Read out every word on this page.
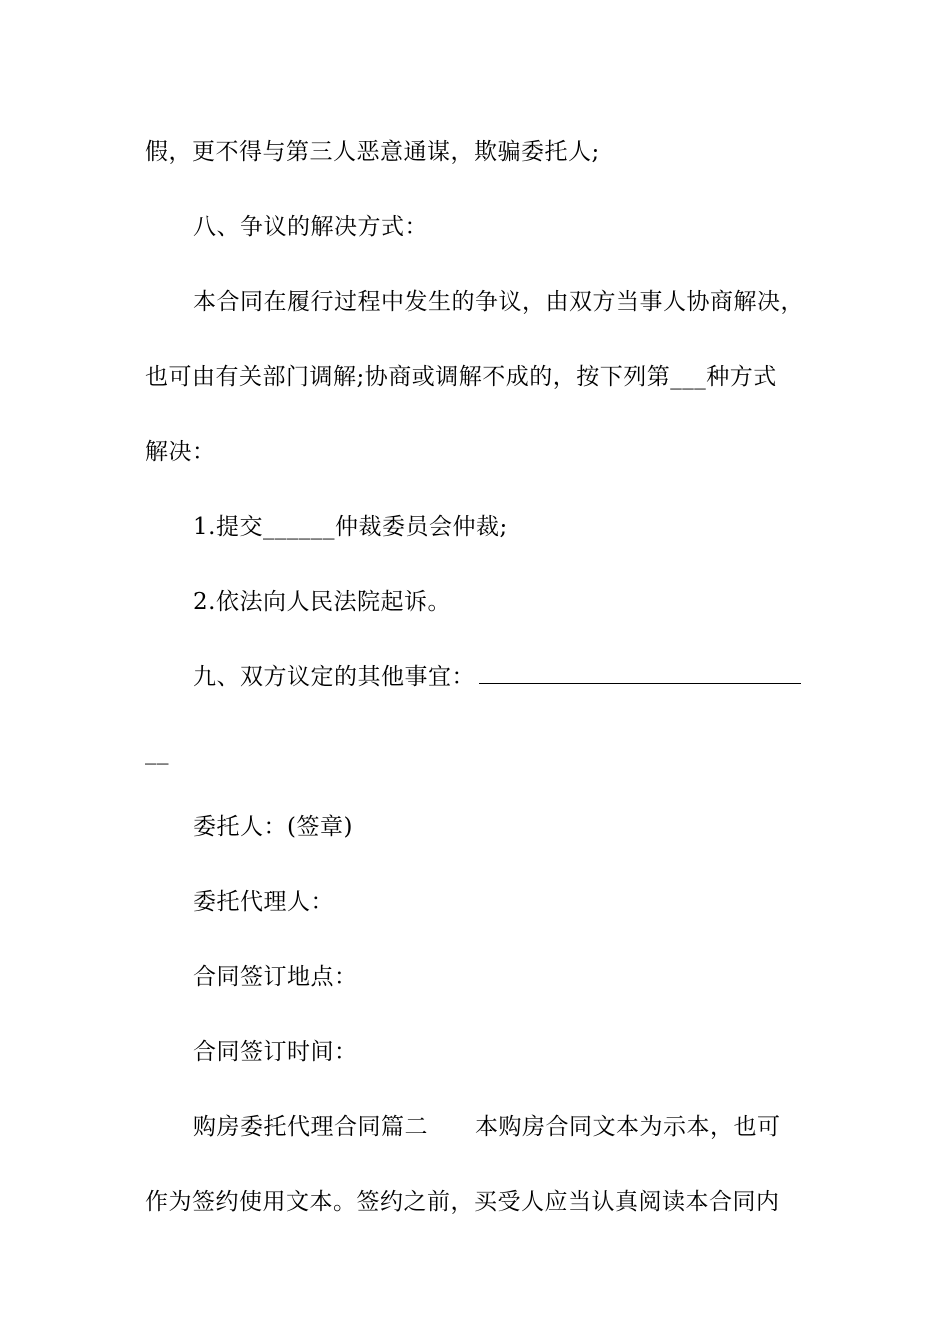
假，更不得与第三人恶意通谋，欺骗委托人;
八、争议的解决方式：
本合同在履行过程中发生的争议，由双方当事人协商解决，
也可由有关部门调解;协商或调解不成的，按下列第___种方式
解决：
1.提交______仲裁委员会仲裁;
2.依法向人民法院起诉。
九、双方议定的其他事宜：
__
委托人：(签章)
委托代理人：
合同签订地点：
合同签订时间：
购房委托代理合同篇二　　本购房合同文本为示本，也可
作为签约使用文本。签约之前，买受人应当认真阅读本合同内
